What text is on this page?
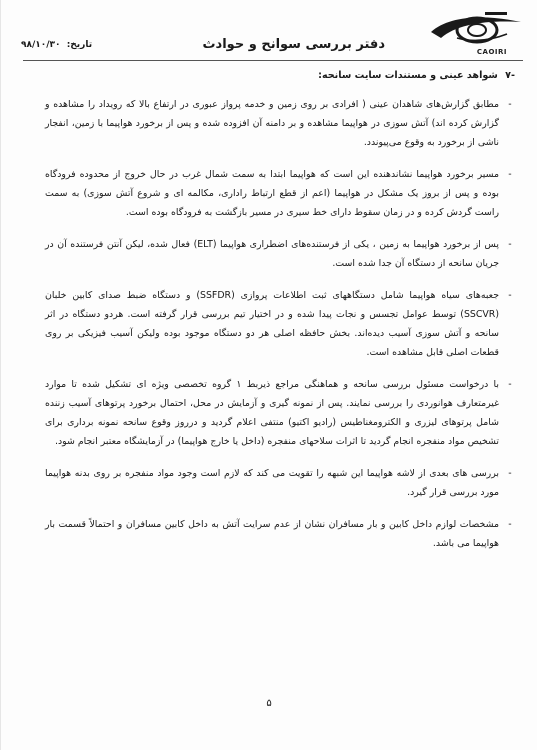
CAOIRI
دفتر بررسی سوانح و حوادث
تاریخ: ۹۸/۱۰/۳۰
-۷ شواهد عینی و مستندات سایت سانحه:
-

مطابق گزارش‌های شاهدان عینی ( افرادی بر روی زمین و خدمه پرواز عبوری در ارتفاع بالا که رویداد را مشاهده و گزارش کرده اند) آتش سوزی در هواپیما مشاهده و بر دامنه آن افزوده شده و پس از برخورد هواپیما با زمین، انفجار ناشی از برخورد به وقوع می‌پیوندد.

-

مسیر برخورد هواپیما نشاندهنده این است که هواپیما ابتدا به سمت شمال غرب در حال خروج از محدوده فرودگاه بوده و پس از بروز یک مشکل در هواپیما (اعم از قطع ارتباط راداری، مکالمه ای و شروع آتش سوزی) به سمت راست گردش کرده و در زمان سقوط دارای خط سیری در مسیر بازگشت به فرودگاه بوده است.

-

پس از برخورد هواپیما به زمین ، یکی از فرستنده‌های اضطراری هواپیما (ELT) فعال شده، لیکن آنتن فرستنده آن در جریان سانحه از دستگاه آن جدا شده است.

-

جعبه‌های سیاه هواپیما شامل دستگاههای ثبت اطلاعات پروازی (SSFDR) و دستگاه ضبط صدای کابین خلبان (SSCVR) توسط عوامل تجسس و نجات پیدا شده و در اختیار تیم بررسی قرار گرفته است. هردو دستگاه در اثر سانحه و آتش سوزی آسیب دیده‌اند. بخش حافظه اصلی هر دو دستگاه موجود بوده ولیکن آسیب فیزیکی بر روی قطعات اصلی قابل مشاهده است.

-

با درخواست مسئول بررسی سانحه و هماهنگی مراجع ذیربط ۱ گروه تخصصی ویژه ای تشکیل شده تا موارد غیرمتعارف هوانوردی را بررسی نمایند. پس از نمونه گیری و آزمایش در محل، احتمال برخورد پرتوهای آسیب زننده شامل پرتوهای لیزری و الکترومغناطیس (رادیو اکتیو) منتفی اعلام گردید و درروز وقوع سانحه نمونه برداری برای تشخیص مواد منفجره انجام گردید تا اثرات سلاحهای منفجره (داخل یا خارج هواپیما) در آزمایشگاه معتبر انجام شود.

-

بررسی های بعدی از لاشه هواپیما این شبهه را تقویت می کند که لازم است وجود مواد منفجره بر روی بدنه هواپیما مورد بررسی قرار گیرد.

-

مشخصات لوازم داخل کابین و بار مسافران نشان از عدم سرایت آتش به داخل کابین مسافران و احتمالاً قسمت بار هواپیما می باشد.

۵
